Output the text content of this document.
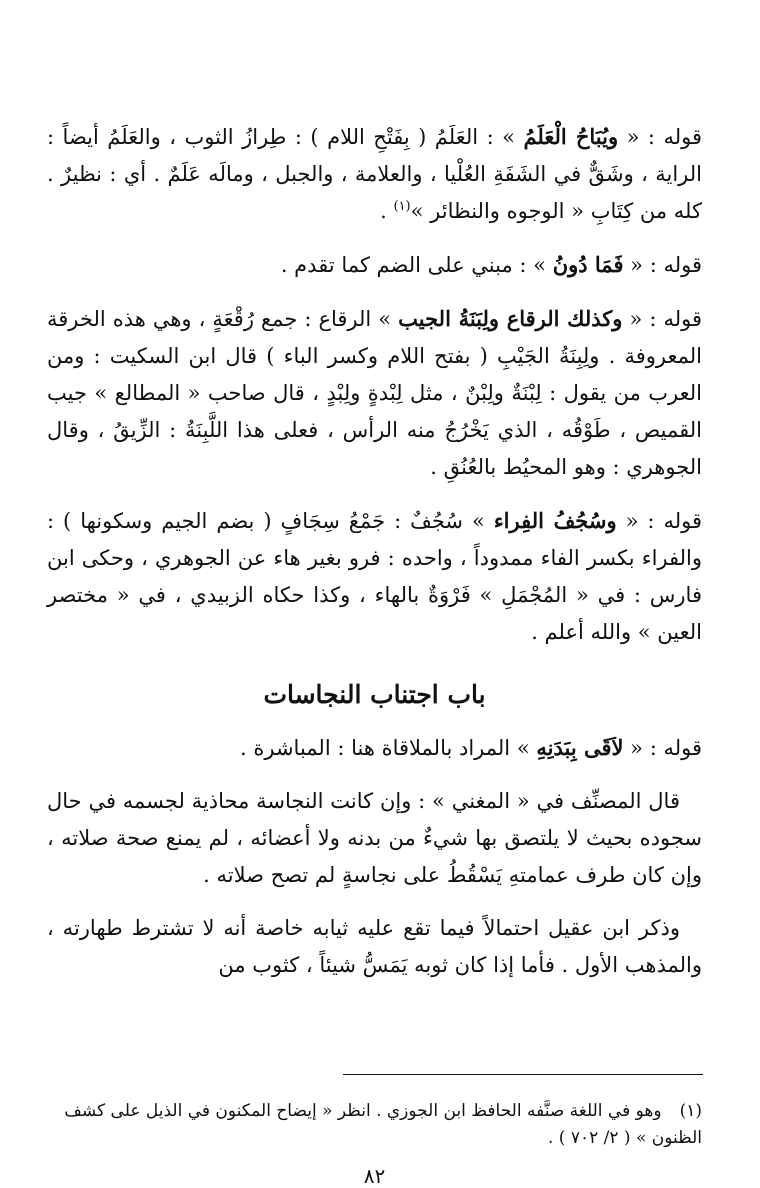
قوله : « ويُبَاحُ الْعَلَمُ » : العَلَمُ ( بِفَتْحِ اللام ) : طِرازُ الثوب ، والعَلَمُ أيضاً : الراية ، وشَقٌّ في الشَفَةِ العُلْيا ، والعلامة ، والجبل ، ومالَه عَلَمٌ . أي : نظيرٌ . كله من كِتَابِ « الوجوه والنظائر »$^{(١)}$ .

قوله : « فَمَا دُونُ » : مبني على الضم كما تقدم .

قوله : « وكذلك الرقاع ولِبَنَةُ الجيب » الرقاع : جمع رُقْعَةٍ ، وهي هذه الخرقة المعروفة . ولِبِنَةُ الجَيْبِ ( بفتح اللام وكسر الباء ) قال ابن السكيت : ومن العرب من يقول : لِبْنَةٌ ولِبْنٌ ، مثل لِبْدةٍ ولِبْدٍ ، قال صاحب « المطالع » جيب القميص ، طَوْقُه ، الذي يَخْرُجُ منه الرأس ، فعلى هذا اللَّبِنَةُ : الزِّيقُ ، وقال الجوهري : وهو المحيُط بالعُنُقِ .

قوله : « وسُجُفُ الفِراء » سُجُفٌ : جَمْعُ سِجَافٍ ( بضم الجيم وسكونها ) : والفراء بكسر الفاء ممدوداً ، واحده : فرو بغير هاء عن الجوهري ، وحكى ابن فارس : في « المُجْمَلِ » فَرْوَةٌ بالهاء ، وكذا حكاه الزبيدي ، في « مختصر العين » والله أعلم .

باب اجتناب النجاسات

قوله : « لاَقَى بِبَدَنِهِ » المراد بالملاقاة هنا : المباشرة .

قال المصنِّف في « المغني » : وإن كانت النجاسة محاذية لجسمه في حال سجوده بحيث لا يلتصق بها شيءٌ من بدنه ولا أعضائه ، لم يمنع صحة صلاته ، وإن كان طرف عمامتهِ يَسْقُطُ على نجاسةٍ لم تصح صلاته .

وذكر ابن عقيل احتمالاً فيما تقع عليه ثيابه خاصة أنه لا تشترط طهارته ، والمذهب الأول . فأما إذا كان ثوبه يَمَسُّ شيئاً ، كثوب من

(١)وهو في اللغة صنَّفه الحافظ ابن الجوزي . انظر « إيضاح المكنون في الذيل على كشف الظنون » ( ٢/ ٧٠٢ ) .
٨٢
